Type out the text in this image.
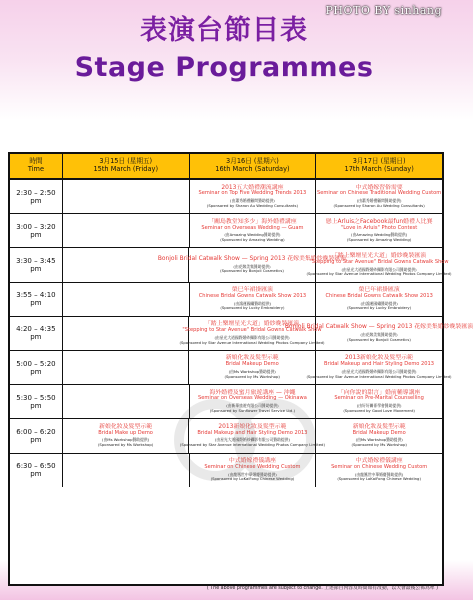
PHOTO BY sinhang
表演台節目表
Stage Programmes
時間
Time
3月15日 (星期五)
15th March (Friday)
3月16日 (星期六)
16th March (Saturday)
3月17日 (星期日)
17th March (Sunday)
2:30 – 2:50 pm
2013五大婚禮潮流講座
Seminar on Top Five Wedding Trends 2013
(由蕭秀婚禮顧問贊助提供)
(Sponsored by Sharon Au Wedding Consultants)
中式婚嫁習俗需要
Seminar on Chinese Traditional Wedding Custom
(由蕭秀婚禮顧問贊助提供)
(Sponsored by Sharon Au Wedding Consultants)
3:00 – 3:20 pm
「關島教堂知多少」海外婚禮講座
Seminar on Overseas Wedding — Guam
(由Amazing Wedding贊助提供)
(Sponsored by Amazing Wedding)
戀上Arluis之Facebook最fun婚禮人比賽
"Love in Arluis" Photo Contest
(由Amazing Wedding贊助提供)
(Sponsored by Amazing Wedding)
3:30 – 3:45 pm
Bonjoli Bridal Catwalk Show — Spring 2013 花嫁美集婚紗晚裝匯演
(由花嫁美集贊助提供)
(Sponsored by Bonjoli Cosmetics)
「踏上樂壇星光大道」婚紗晚裝匯演
"Stepping to Star Avenue" Bridal Gowns Catwalk Show
(由星光大道國際婚紗攝影有限公司贊助提供)
(Sponsored by Star Avenue International Wedding Photos Company Limited)
3:55 – 4:10 pm
榮巳年裙掛匯演
Chinese Bridal Gowns Catwalk Show 2013
(由鴻運國繡贊助提供)
(Sponsored by Lucky Embroidery)
榮巳年裙掛匯演
Chinese Bridal Gowns Catwalk Show 2013
(由鴻運國繡贊助提供)
(Sponsored by Lucky Embroidery)
4:20 – 4:35 pm
「踏上樂壇星光大道」婚紗晚裝匯演
"Stepping to Star Avenue" Bridal Gowns Catwalk Show
(由星光大道國際婚紗攝影有限公司贊助提供)
(Sponsored by Star Avenue International Wedding Photos Company Limited)
Bonjoli Bridal Catwalk Show — Spring 2013 花嫁美集婚紗晚裝匯演
(由花嫁美集贊助提供)
(Sponsored by Bonjoli Cosmetics)
5:00 – 5:20 pm
新娘化妝及髮型示範
Bridal Makeup Demo
(由Ms Workshop贊助提供)
(Sponsored by Ms Workshop)
2013新娘化妝及髮型示範
Bridal Makeup and Hair Styling Demo 2013
(由星光大道國際婚紗攝影有限公司贊助提供)
(Sponsored by Star Avenue International Wedding Photos Company Limited)
5:30 – 5:50 pm
海外婚禮及蜜月旅遊講座 — 沖繩
Seminar on Overseas Wedding — Okinawa
(由新華旅遊有限公司贊助提供)
(Sponsored by Sunflower Travel Service Ltd.)
「向你說的甜言」婚前輔導講座
Seminar on Pre-Marital Counselling
(由好好關係學會贊助提供)
(Sponsored by Good Love Movement)
6:00 – 6:20 pm
新娘化妝及髮型示範
Bridal Make up Demo
(由Ms Workshop贊助提供)
(Sponsored by Ms Workshop)
2013新娘化妝及髮型示範
Bridal Makeup and Hair Styling Demo 2013
(由星光大道國際婚紗攝影有限公司贊助提供)
(Sponsored by Star Avenue International Wedding Photos Company Limited)
新娘化妝及髮型示範
Bridal Makeup Demo
(由Ms Workshop贊助提供)
(Sponsored by Ms Workshop)
6:30 – 6:50 pm
中式婚嫁禮儀講座
Seminar on Chinese Wedding Custom
(由龍鳳世中華婚慶贊助提供)
(Sponsored by LoKaiFong Chinese Wedding)
中式婚嫁禮儀講座
Seminar on Chinese Wedding Custom
(由龍鳳世中華婚慶贊助提供)
(Sponsored by LoKaiFong Chinese Wedding)
( The above programmes are subject to change. 上述節目內容及時間如有改動，以大會最後公佈為準 )
